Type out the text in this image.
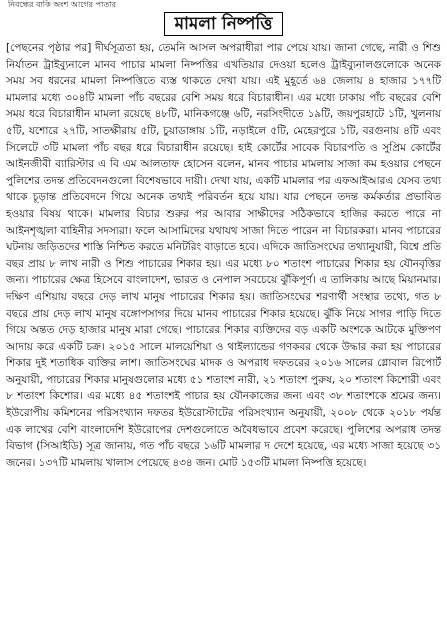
নিবন্ধের বাকি অংশ আগের পাতার
মামলা নিষ্পত্তি
[পেছনের পৃষ্ঠার পর] দীর্ঘসূত্রতা হয়, তেমনি আসল অপরাধীরা পার পেয়ে যায়। জানা গেছে, নারী ও শিশু নির্যাতন ট্রাইব্যুনালে মানব পাচার মামলা নিষ্পত্তির এখতিয়ার দেওয়া হলেও ট্রাইব্যুনালগুলোকে অনেক সময় সব ধরনের মামলা নিষ্পত্তিতে ব্যস্ত থাকতে দেখা যায়। এই মুহূর্তে ৬৪ জেলায় ৪ হাজার ১৭৭টি মামলার মধ্যে ৩০৪টি মামলা পাঁচ বছরের বেশি সময় ধরে বিচারাধীন। এর মধ্যে ঢাকায় পাঁচ বছরের বেশি সময় ধরে বিচারাধীন মামলা রয়েছে ৪৮টি, মানিকগঞ্জে ৬টি, নরসিংদীতে ১৯টি, জয়পুরহাটে ১টি, খুলনায় ৫টি, যশোরে ২৭টি, সাতক্ষীরায় ৫টি, চুয়াডাঙ্গায় ১টি, নড়াইলে ৫টি, মেহেরপুরে ১টি, বরগুনায় ৪টি এবং সিলেটে ৩টি মামলা পাঁচ বছর ধরে বিচারাধীন রয়েছে। হাই কোর্টের সাবেক বিচারপতি ও সুপ্রিম কোর্টের আইনজীবী ব্যারিস্টার এ বি এম আলতাফ হোসেন বলেন, মানব পাচার মামলায় সাজা কম হওয়ার পেছনে পুলিশের তদন্ত প্রতিবেদনগুলো বিশেষভাবে দায়ী। দেখা যায়, একটি মামলার পর এফআইআরএ যেসব তথ্য থাকে চূড়ান্ত প্রতিবেদনে গিয়ে অনেক তথ্যই পরিবর্তন হয়ে যায়। যার পেছনে তদন্ত কর্মকর্তার প্রভাবিত হওয়ার বিষয় থাকে। মামলার বিচার শুরুর পর আবার সাক্ষীদের সঠিকভাবে হাজির করতে পারে না আইনশৃঙ্খলা বাহিনীর সদস্যরা। ফলে আসামিদের যথাযথ সাজা দিতে পারেন না বিচারকরা। মানব পাচারের ঘটনায় জড়িতদের শাস্তি নিশ্চিত করতে মনিটরিং বাড়াতে হবে। এদিকে জাতিসংঘের তথ্যানুযায়ী, বিশ্বে প্রতি বছর প্রায় ৮ লাখ নারী ও শিশু পাচারের শিকার হয়। এর মধ্যে ৮০ শতাংশ পাচারের শিকার হয় যৌনবৃত্তির জন্য। পাচারের ক্ষেত্র হিসেবে বাংলাদেশ, ভারত ও নেপাল সবচেয়ে ঝুঁকিপূর্ণ। এ তালিকায় আছে মিয়ানমার। দক্ষিণ এশিয়ায় বছরে দেড় লাখ মানুষ পাচারের শিকার হয়। জাতিসংঘের শরণার্থী সংস্থার তথ্যে, গত ৮ বছরে প্রায় দেড় লাখ মানুষ বঙ্গোপসাগর দিয়ে মানব পাচারের শিকার হয়েছে। ঝুঁকি নিয়ে সাগর পাড়ি দিতে গিয়ে অন্তত দেড় হাজার মানুষ মারা গেছে। পাচারের শিকার ব্যক্তিদের বড় একটি অংশকে আটকে মুক্তিপণ আদায় করে একটি চক্র। ২০১৫ সালে মালয়েশিয়া ও থাইল্যান্ডের গণকবর থেকে উদ্ধার করা হয় পাচারের শিকার দুই শতাধিক ব্যক্তির লাশ। জাতিসংঘের মাদক ও অপরাধ দফতরের ২০১৬ সালের গ্লোবাল রিপোর্ট অনুযায়ী, পাচারের শিকার মানুষগুলোর মধ্যে ৫১ শতাংশ নারী, ২১ শতাংশ পুরুষ, ২০ শতাংশ কিশোরী এবং ৮ শতাংশ কিশোর। এর মধ্যে ৪৫ শতাংশই পাচার হয় যৌনকাজের জন্য এবং ৩৮ শতাংশকে শ্রমের জন্য। ইউরোপীয় কমিশনের পরিসংখ্যান দফতর ইউরোস্টাটের পরিসংখ্যান অনুযায়ী, ২০০৮ থেকে ২০১৮ পর্যন্ত এক লাখের বেশি বাংলাদেশি ইউরোপের দেশগুলোতে অবৈধভাবে প্রবেশ করেছে। পুলিশের অপরাধ তদন্ত বিভাগ (সিআইডি) সূত্র জানায়, গত পাঁচ বছরে ১৬টি মামলার দ দেশে হয়েছে, এর মধ্যে সাজা হয়েছে ৩১ জনের। ১৩৭টি মামলায় খালাস পেয়েছে ৪৩৪ জন। মোট ১৫৩টি মামলা নিষ্পত্তি হয়েছে।
